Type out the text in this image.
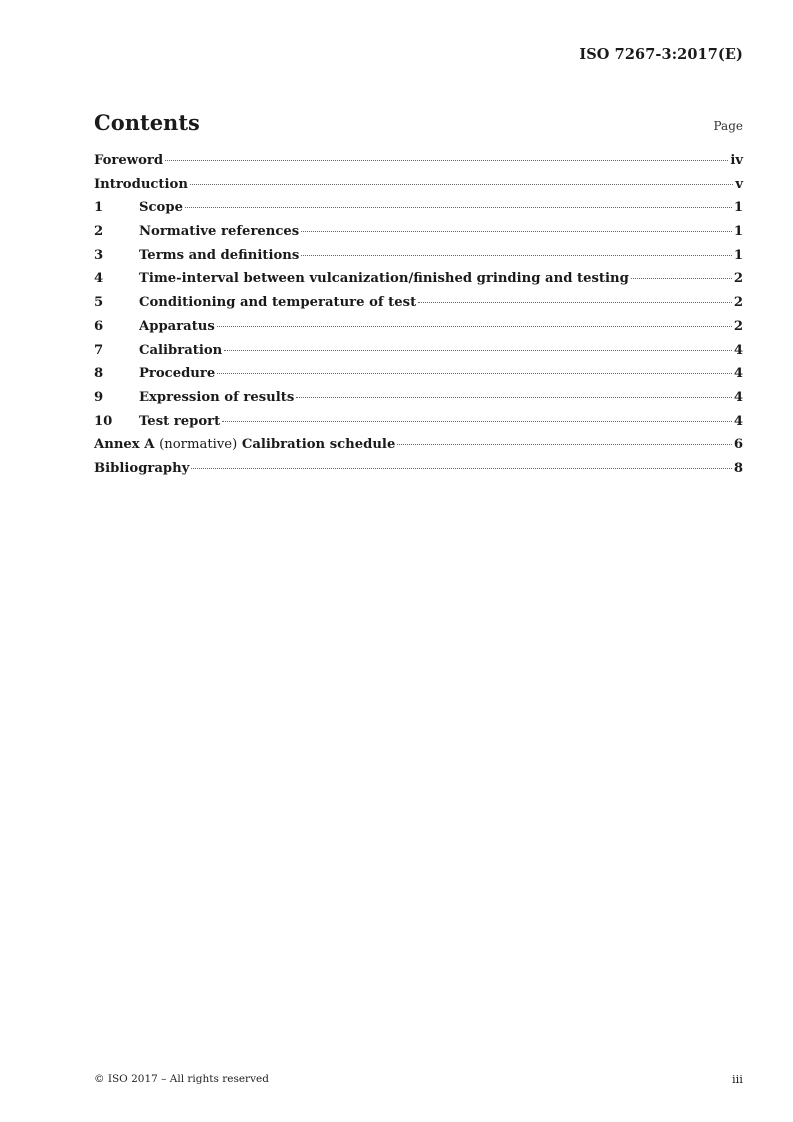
ISO 7267-3:2017(E)
Contents	Page
Foreword	iv
Introduction	v
1	Scope	1
2	Normative references	1
3	Terms and definitions	1
4	Time-interval between vulcanization/finished grinding and testing	2
5	Conditioning and temperature of test	2
6	Apparatus	2
7	Calibration	4
8	Procedure	4
9	Expression of results	4
10	Test report	4
Annex A (normative) Calibration schedule	6
Bibliography	8
© ISO 2017 – All rights reserved	iii
